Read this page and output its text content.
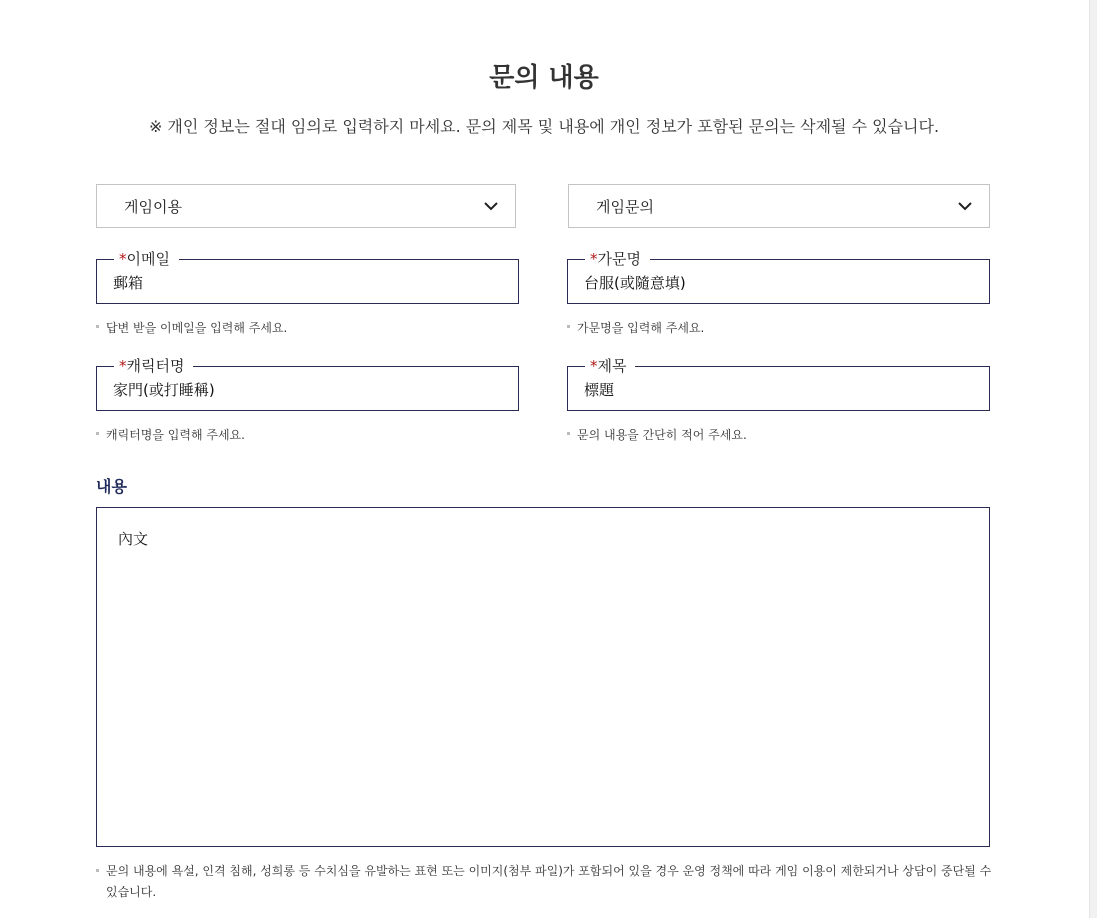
문의 내용

※ 개인 정보는 절대 임의로 입력하지 마세요. 문의 제목 및 내용에 개인 정보가 포함된 문의는 삭제될 수 있습니다.

게임이용	게임문의
*이메일
郵箱
답변 받을 이메일을 입력해 주세요.
*가문명
台服(或隨意填)
가문명을 입력해 주세요.
*캐릭터명
家門(或打睡稱)
캐릭터명을 입력해 주세요.
*제목
標題
문의 내용을 간단히 적어 주세요.
내용
內文
문의 내용에 욕설, 인격 침해, 성희롱 등 수치심을 유발하는 표현 또는 이미지(첨부 파일)가 포함되어 있을 경우 운영 정책에 따라 게임 이용이 제한되거나 상담이 중단될 수 있습니다.
